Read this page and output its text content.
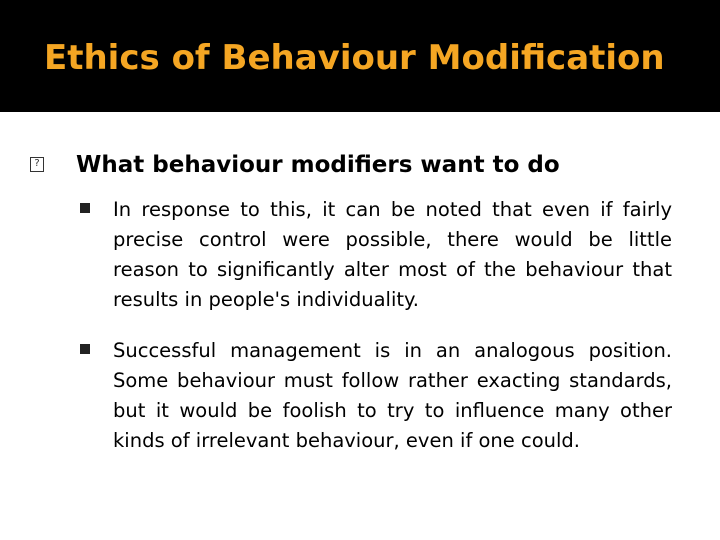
Ethics of Behaviour Modification
? What behaviour modifiers want to do

In response to this, it can be noted that even if fairly precise control were possible, there would be little reason to significantly alter most of the behaviour that results in people's individuality.

Successful management is in an analogous position. Some behaviour must follow rather exacting standards, but it would be foolish to try to influence many other kinds of irrelevant behaviour, even if one could.
